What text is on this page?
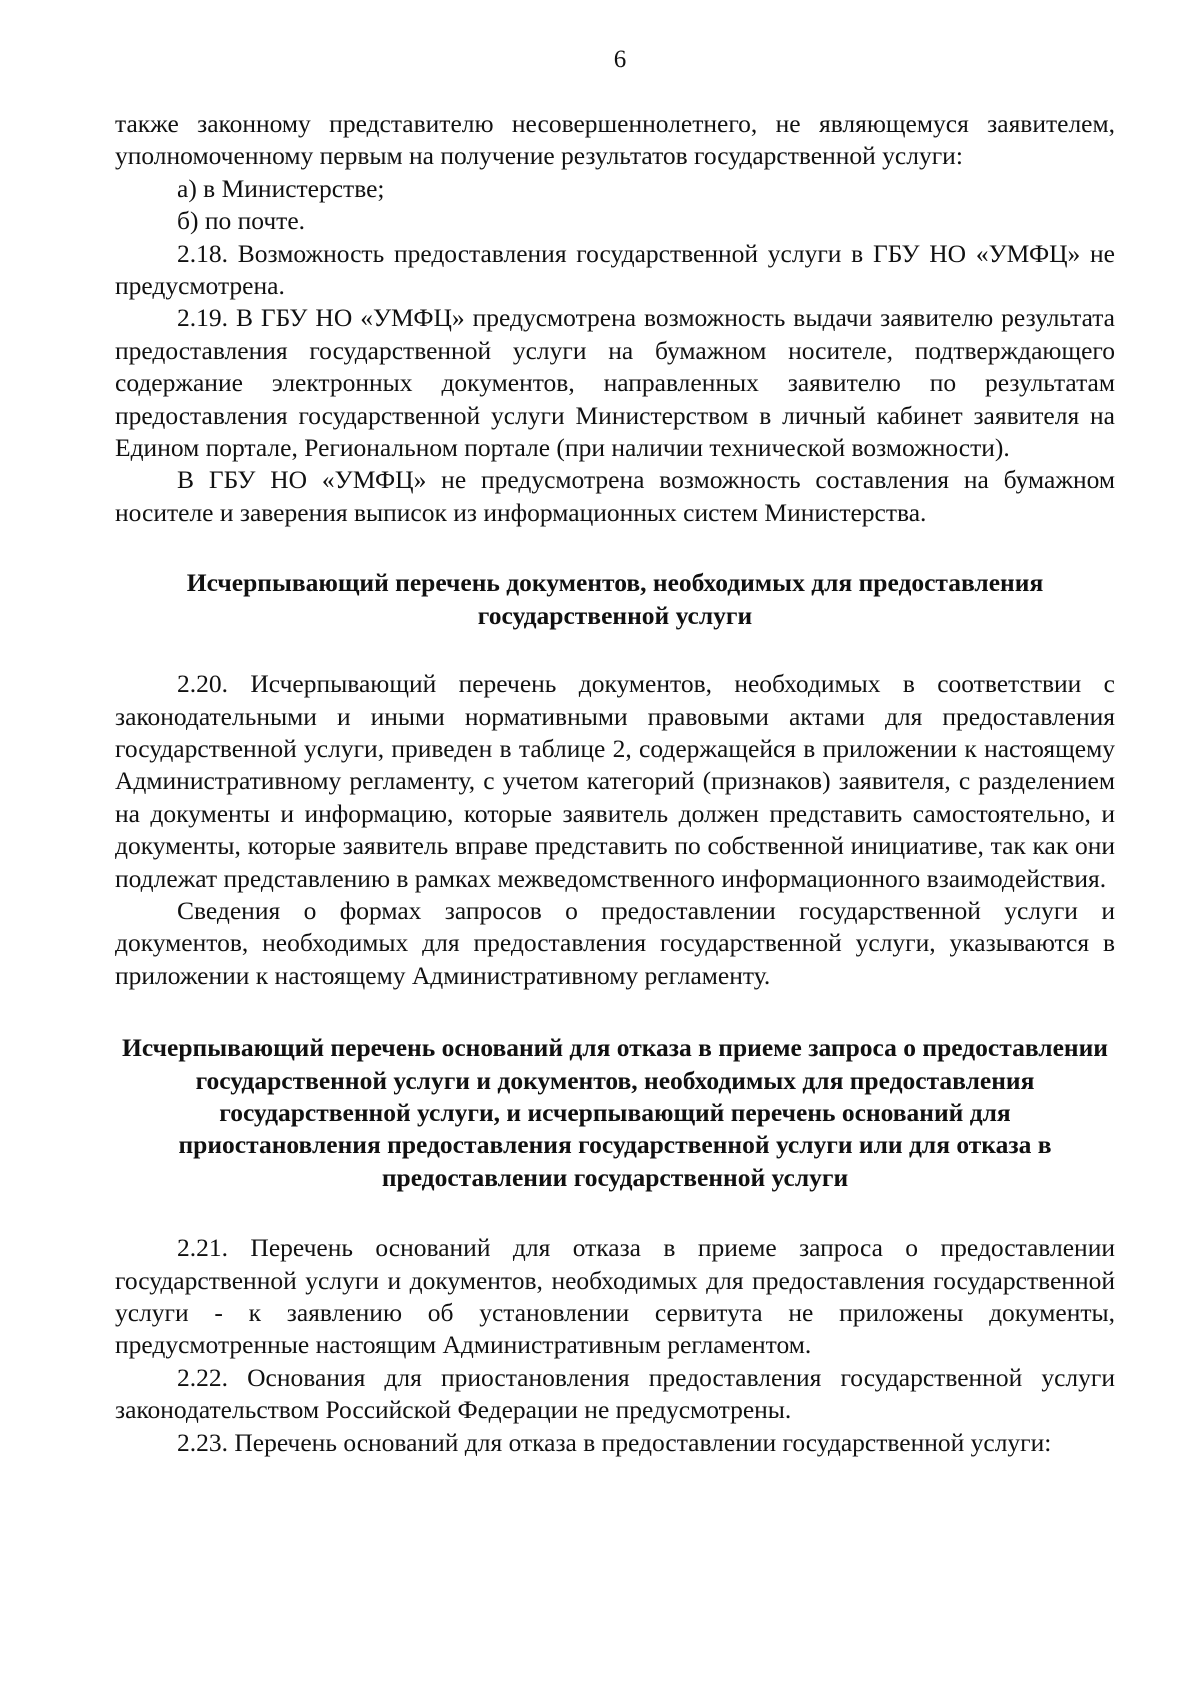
6

также законному представителю несовершеннолетнего, не являющемуся заявителем, уполномоченному первым на получение результатов государственной услуги:

а) в Министерстве;

б) по почте.

2.18. Возможность предоставления государственной услуги в ГБУ НО «УМФЦ» не предусмотрена.

2.19. В ГБУ НО «УМФЦ» предусмотрена возможность выдачи заявителю результата предоставления государственной услуги на бумажном носителе, подтверждающего содержание электронных документов, направленных заявителю по результатам предоставления государственной услуги Министерством в личный кабинет заявителя на Едином портале, Региональном портале (при наличии технической возможности).

В ГБУ НО «УМФЦ» не предусмотрена возможность составления на бумажном носителе и заверения выписок из информационных систем Министерства.

Исчерпывающий перечень документов, необходимых для предоставления государственной услуги

2.20. Исчерпывающий перечень документов, необходимых в соответствии с законодательными и иными нормативными правовыми актами для предоставления государственной услуги, приведен в таблице 2, содержащейся в приложении к настоящему Административному регламенту, с учетом категорий (признаков) заявителя, с разделением на документы и информацию, которые заявитель должен представить самостоятельно, и документы, которые заявитель вправе представить по собственной инициативе, так как они подлежат представлению в рамках межведомственного информационного взаимодействия.

Сведения о формах запросов о предоставлении государственной услуги и документов, необходимых для предоставления государственной услуги, указываются в приложении к настоящему Административному регламенту.

Исчерпывающий перечень оснований для отказа в приеме запроса о предоставлении государственной услуги и документов, необходимых для предоставления государственной услуги, и исчерпывающий перечень оснований для приостановления предоставления государственной услуги или для отказа в предоставлении государственной услуги

2.21. Перечень оснований для отказа в приеме запроса о предоставлении государственной услуги и документов, необходимых для предоставления государственной услуги - к заявлению об установлении сервитута не приложены документы, предусмотренные настоящим Административным регламентом.

2.22. Основания для приостановления предоставления государственной услуги законодательством Российской Федерации не предусмотрены.

2.23. Перечень оснований для отказа в предоставлении государственной услуги:
